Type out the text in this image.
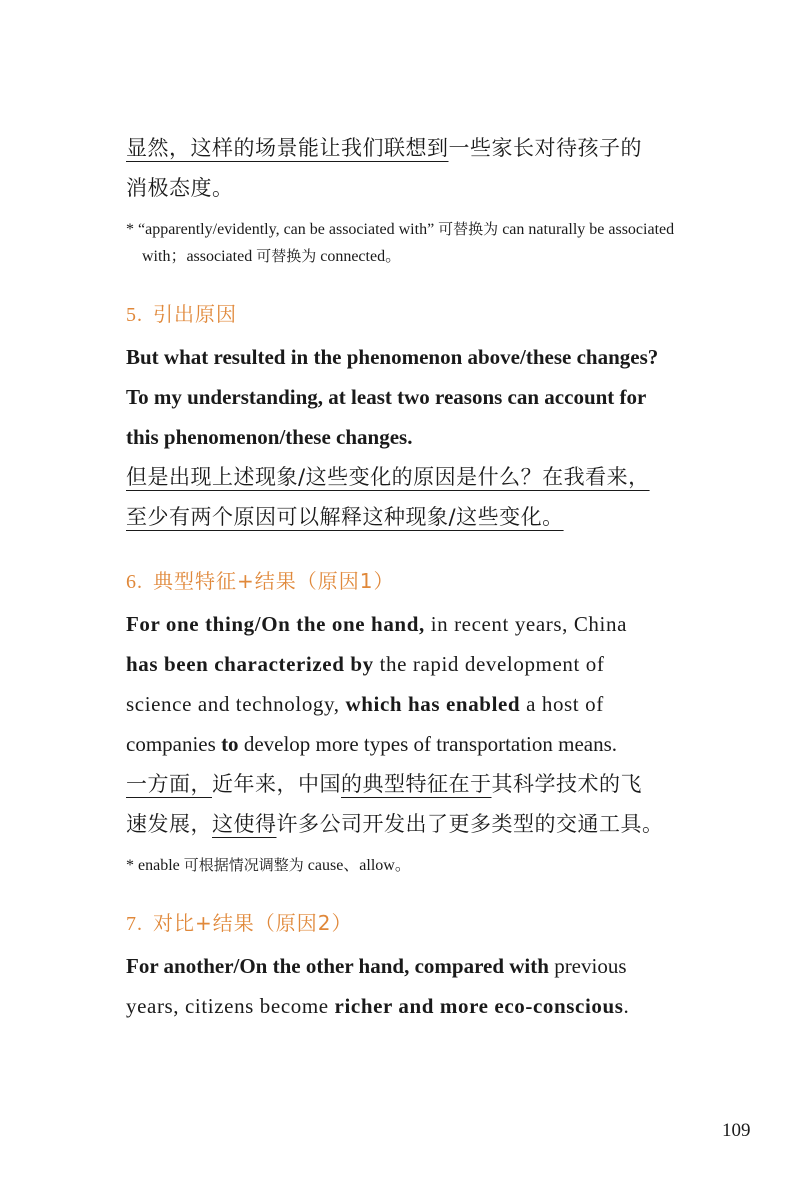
显然，这样的场景能让我们联想到一些家长对待孩子的

消极态度。

* “apparently/evidently, can be associated with” 可替换为 can naturally be associated with；associated 可替换为 connected。

5. 引出原因

But what resulted in the phenomenon above/these changes?

To my understanding, at least two reasons can account for

this phenomenon/these changes.

但是出现上述现象/这些变化的原因是什么？在我看来，

至少有两个原因可以解释这种现象/这些变化。

6. 典型特征+结果（原因1）

For one thing/On the one hand, in recent years, China

has been characterized by the rapid development of

science and technology, which has enabled a host of

companies to develop more types of transportation means.

一方面，近年来，中国的典型特征在于其科学技术的飞

速发展，这使得许多公司开发出了更多类型的交通工具。

* enable 可根据情况调整为 cause、allow。

7. 对比+结果（原因2）

For another/On the other hand, compared with previous

years, citizens become richer and more eco-conscious.

109
